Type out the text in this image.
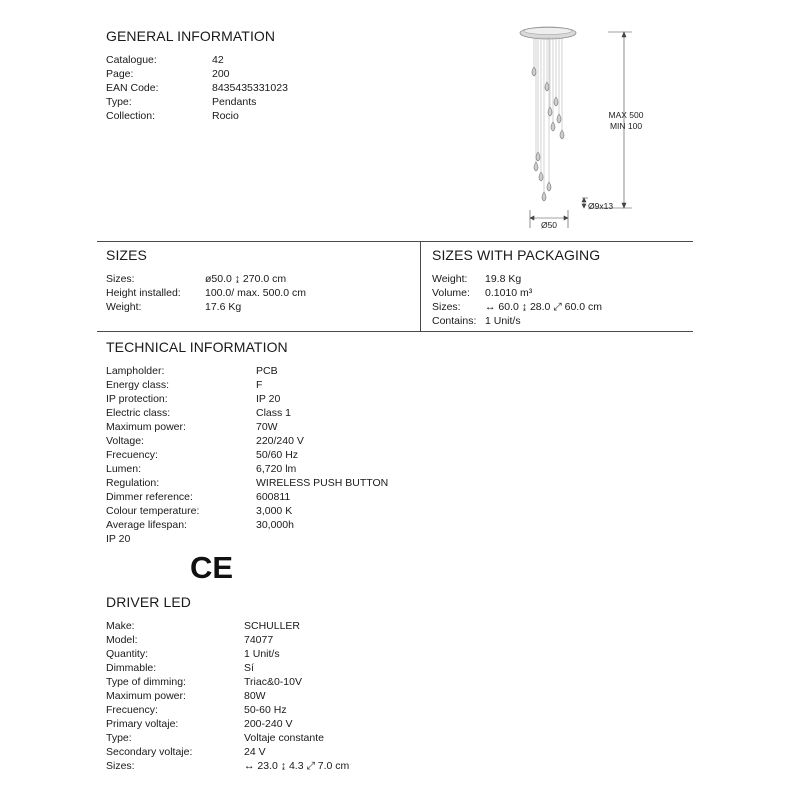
GENERAL INFORMATION
Catalogue:	42
Page:	200
EAN Code:	8435435331023
Type:	Pendants
Collection:	Rocio	MAX 500
MIN 100
Ø9x13
Ø50
SIZES
Sizes:	ø50.0 ↨ 270.0 cm
Height installed: 100.0/ max. 500.0 cm
Weight:	17.6 Kg
SIZES WITH PACKAGING
Weight: 19.8 Kg
Volume: 0.1010 m³
Sizes: ↔ 60.0 ↨ 28.0 ⤢ 60.0 cm
Contains: 1 Unit/s
TECHNICAL INFORMATION
Lampholder:	PCB
Energy class:	F
IP protection:	IP 20
Electric class:	Class 1
Maximum power:	70W
Voltage:	220/240 V
Frecuency:	50/60 Hz
Lumen:	6,720 lm
Regulation:	WIRELESS PUSH BUTTON
Dimmer reference:	600811
Colour temperature:	3,000 K
Average lifespan:	30,000h
IP 20
CE
DRIVER LED
Make:	SCHULLER
Model:	74077
Quantity:	1 Unit/s
Dimmable:	Sí
Type of dimming:	Triac&0-10V
Maximum power:	80W
Frecuency:	50-60 Hz
Primary voltaje:	200-240 V
Type:	Voltaje constante
Secondary voltaje:	24 V
Sizes:	↔ 23.0 ↨ 4.3 ⤢ 7.0 cm
